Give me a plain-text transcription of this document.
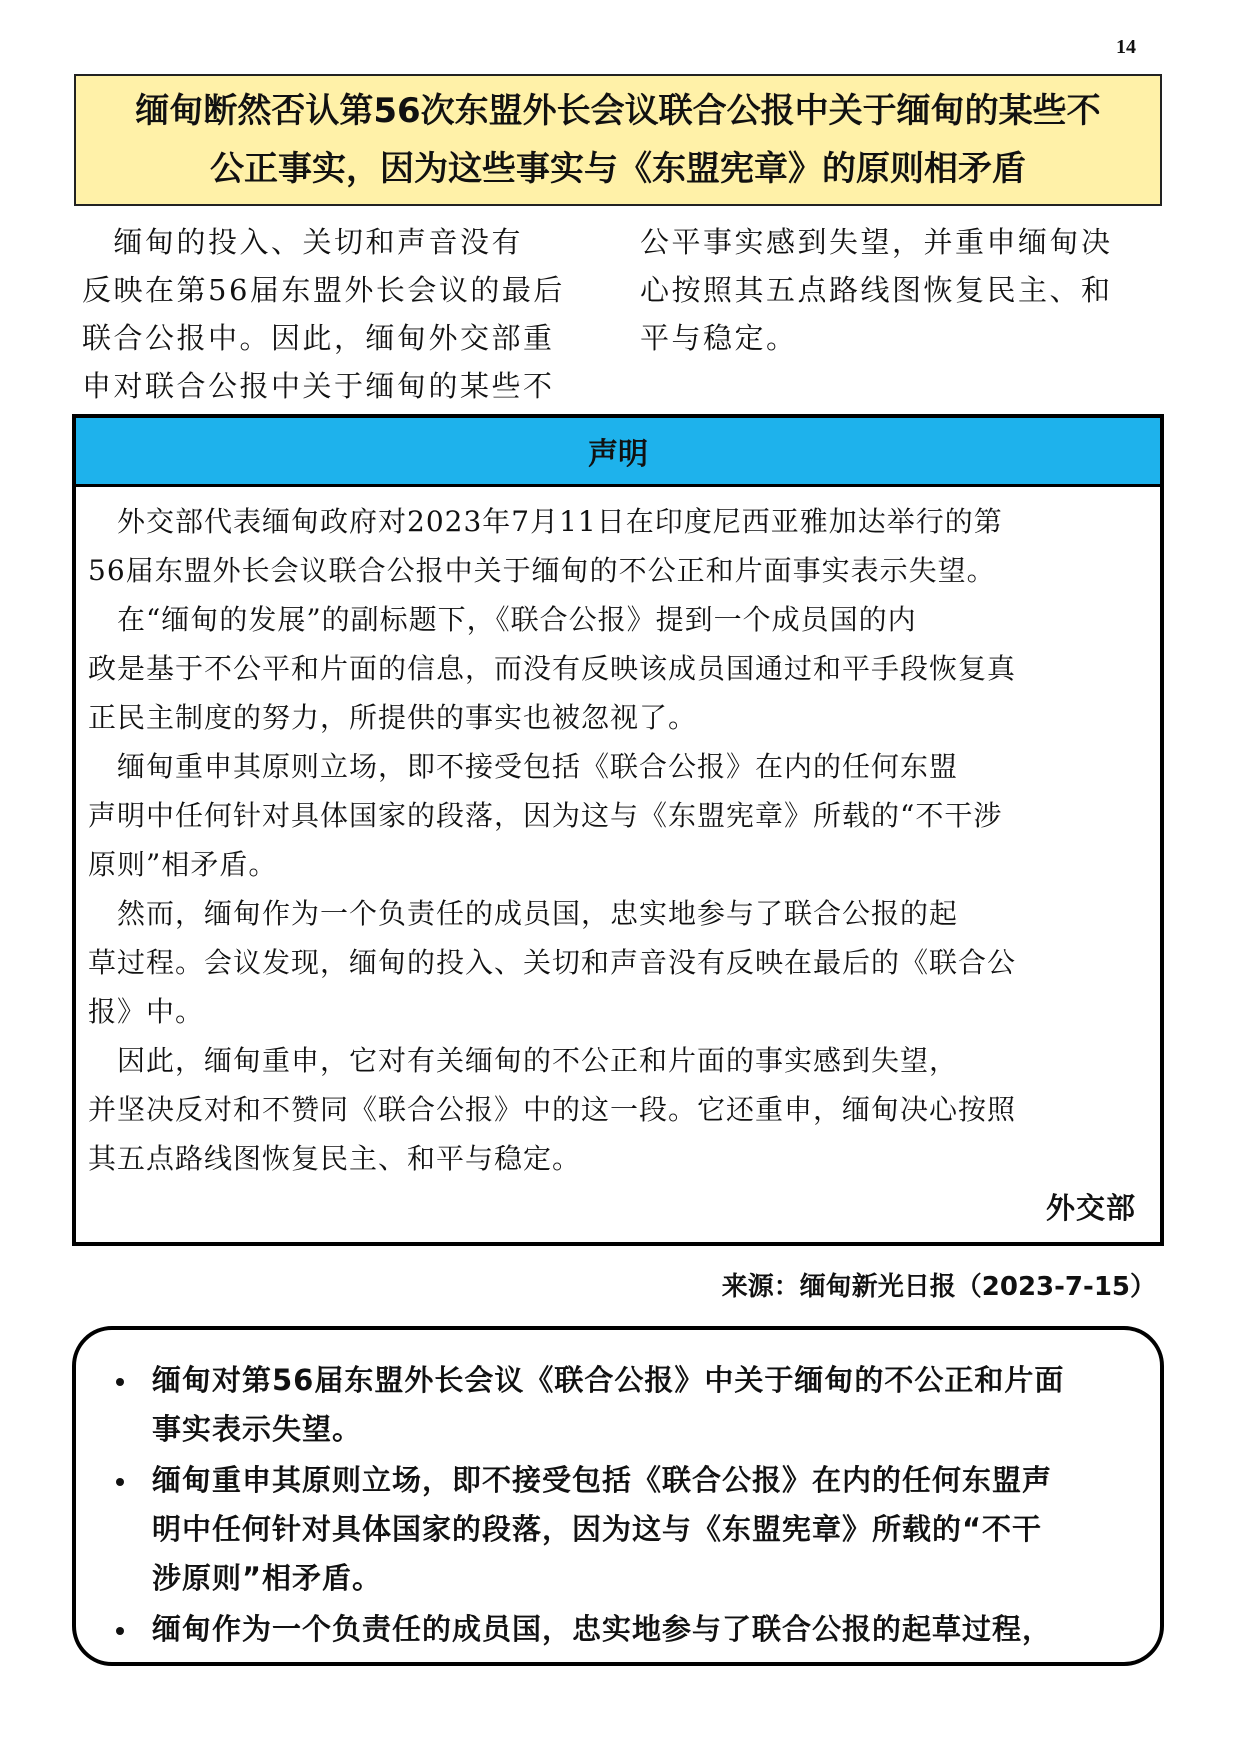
14
缅甸断然否认第56次东盟外长会议联合公报中关于缅甸的某些不
公正事实，因为这些事实与《东盟宪章》的原则相矛盾
　缅甸的投入、关切和声音没有
反映在第56届东盟外长会议的最后
联合公报中。因此，缅甸外交部重
申对联合公报中关于缅甸的某些不
公平事实感到失望，并重申缅甸决
心按照其五点路线图恢复民主、和
平与稳定。
声明
　外交部代表缅甸政府对2023年7月11日在印度尼西亚雅加达举行的第
56届东盟外长会议联合公报中关于缅甸的不公正和片面事实表示失望。
　在“缅甸的发展”的副标题下，《联合公报》提到一个成员国的内
政是基于不公平和片面的信息，而没有反映该成员国通过和平手段恢复真
正民主制度的努力，所提供的事实也被忽视了。
　缅甸重申其原则立场，即不接受包括《联合公报》在内的任何东盟
声明中任何针对具体国家的段落，因为这与《东盟宪章》所载的“不干涉
原则”相矛盾。
　然而，缅甸作为一个负责任的成员国，忠实地参与了联合公报的起
草过程。会议发现，缅甸的投入、关切和声音没有反映在最后的《联合公
报》中。
　因此，缅甸重申，它对有关缅甸的不公正和片面的事实感到失望，
并坚决反对和不赞同《联合公报》中的这一段。它还重申，缅甸决心按照
其五点路线图恢复民主、和平与稳定。
外交部
来源：缅甸新光日报（2023-7-15）
缅甸对第56届东盟外长会议《联合公报》中关于缅甸的不公正和片面
事实表示失望。
缅甸重申其原则立场，即不接受包括《联合公报》在内的任何东盟声
明中任何针对具体国家的段落，因为这与《东盟宪章》所载的“不干
涉原则”相矛盾。
缅甸作为一个负责任的成员国，忠实地参与了联合公报的起草过程，
